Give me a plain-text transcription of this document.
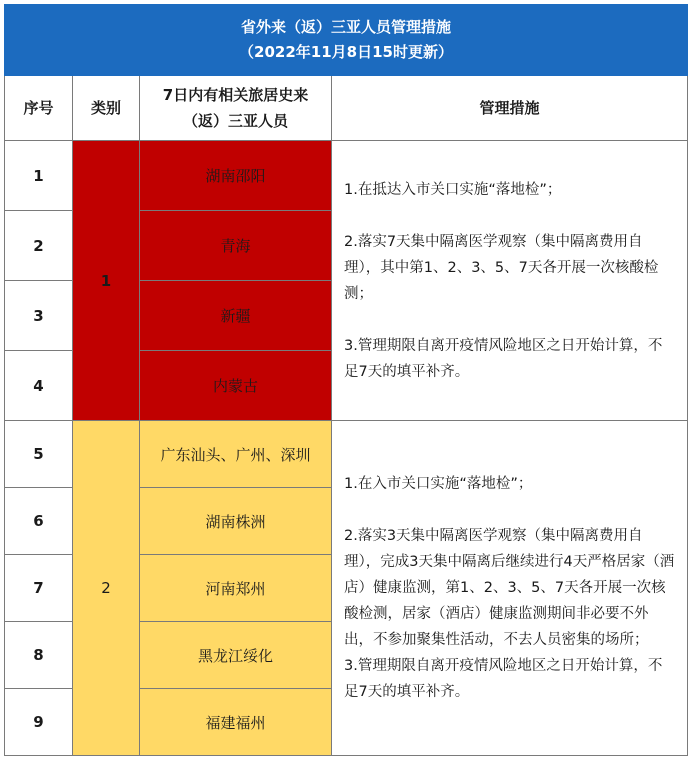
省外来（返）三亚人员管理措施
（2022年11月8日15时更新）			

序号	类别	7日内有相关旅居史来
（返）三亚人员	管理措施
1	1	湖南邵阳	1.在抵达入市关口实施“落地检”；

2.落实7天集中隔离医学观察（集中隔离费用自理），其中第1、2、3、5、7天各开展一次核酸检测；

3.管理期限自离开疫情风险地区之日开始计算，不足7天的填平补齐。

2		青海	
3		新疆	
4		内蒙古	
5	2	广东汕头、广州、深圳	1.在入市关口实施“落地检”；

2.落实3天集中隔离医学观察（集中隔离费用自理），完成3天集中隔离后继续进行4天严格居家（酒店）健康监测，第1、2、3、5、7天各开展一次核酸检测，居家（酒店）健康监测期间非必要不外出，不参加聚集性活动，不去人员密集的场所；

3.管理期限自离开疫情风险地区之日开始计算，不足7天的填平补齐。

6		湖南株洲	
7		河南郑州	
8		黑龙江绥化	
9		福建福州	
